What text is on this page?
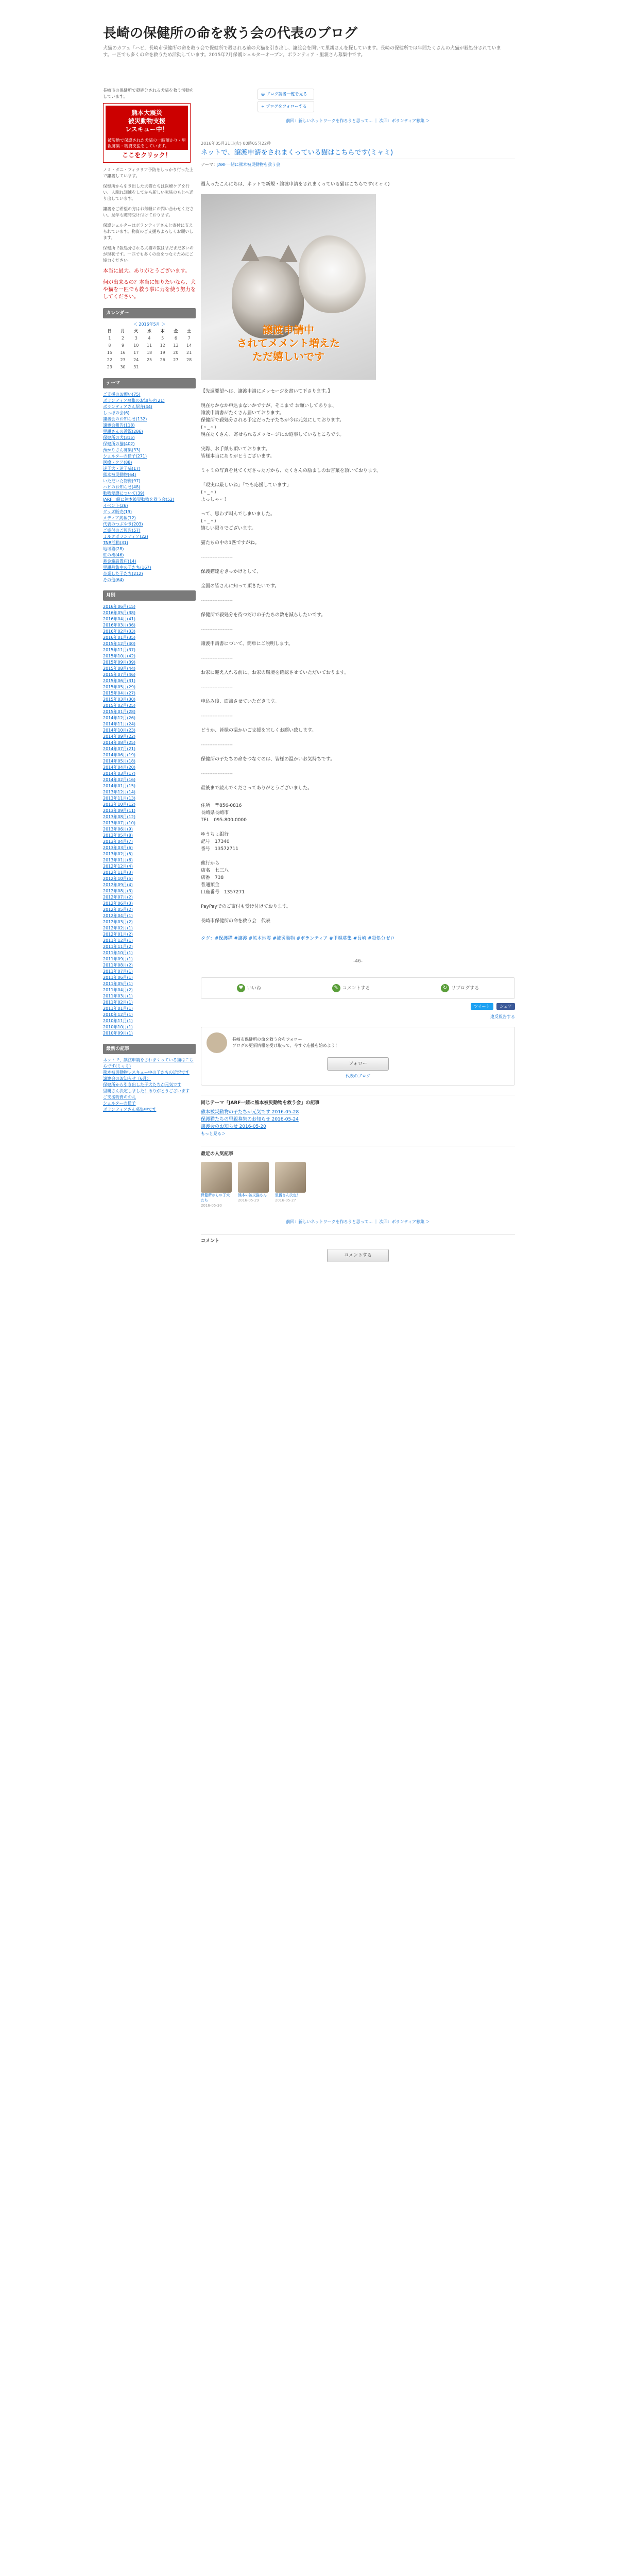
長崎の保健所の命を救う会の代表のブログ
犬猫のカフェ「ハピ」長崎市保健所の命を救う会で保健所で殺される前の犬猫を引き出し、譲渡会を開いて里親さんを探しています。長崎の保健所では年間たくさんの犬猫が殺処分されています。一匹でも多くの命を救うため活動しています。2015年7月保護シェルターオープン。ボランティア・里親さん募集中です。
長崎市の保健所で殺処分される犬猫を救う活動をしています。
熊本大震災
被災動物支援
レスキュー中！
被災地で保護された犬猫の一時預かり・里親募集・物資支援をしています。
ここをクリック！

ノミ・ダニ・フィラリア予防をしっかり行った上で譲渡しています。

保健所から引き出した犬猫たちは医療ケアを行い、人馴れ訓練をしてから新しい家族のもとへ送り出しています。

譲渡をご希望の方はお気軽にお問い合わせください。見学も随時受け付けております。

保護シェルターはボランティアさんと寄付に支えられています。物資のご支援もよろしくお願いします。

保健所で殺処分される犬猫の数はまだまだ多いのが現状です。一匹でも多くの命をつなぐためにご協力ください。

本当に最大、ありがとうございます。

何が出来るの？本当に知りたいなら、犬や猫を一匹でも救う事に力を使う努力をしてください。

カレンダー
＜ 2016年5月 ＞
日	月	火	水	木	金	土
1	2	3	4	5	6	7
8	9	10	11	12	13	14
15	16	17	18	19	20	21
22	23	24	25	26	27	28
29	30	31				
テーマ
ご支援のお願い(75)
ボランティア募集のお知らせ(21)
ボランティアさん紹介(44)
しっぽの会(6)
譲渡会のお知らせ(132)
譲渡会報告(118)
里親さんの近況(286)
保健所の犬(315)
保健所の猫(402)
預かりさん募集(33)
シェルターの様子(271)
医療・ケア(88)
迷子犬・迷子猫(17)
熊本被災動物(64)
いただいた物資(97)
ハピのお知らせ(48)
動物愛護について(39)
JARF一緒に熊本被災動物を救う会(52)
イベント(26)
グッズ販売(19)
メディア掲載(12)
代表のつぶやき(203)
ご寄付のご報告(57)
ミルクボランティア(22)
TNR活動(31)
地域猫(28)
虹の橋(46)
募金箱設置店(14)
里親募集中の子たち(167)
卒業した子たち(212)
その他(64)
月別
2016年06月(15)
2016年05月(38)
2016年04月(41)
2016年03月(36)
2016年02月(33)
2016年01月(35)
2015年12月(40)
2015年11月(37)
2015年10月(42)
2015年09月(39)
2015年08月(44)
2015年07月(46)
2015年06月(31)
2015年05月(29)
2015年04月(27)
2015年03月(30)
2015年02月(25)
2015年01月(28)
2014年12月(26)
2014年11月(24)
2014年10月(23)
2014年09月(22)
2014年08月(25)
2014年07月(21)
2014年06月(19)
2014年05月(18)
2014年04月(20)
2014年03月(17)
2014年02月(16)
2014年01月(15)
2013年12月(14)
2013年11月(13)
2013年10月(12)
2013年09月(11)
2013年08月(12)
2013年07月(10)
2013年06月(9)
2013年05月(8)
2013年04月(7)
2013年03月(6)
2013年02月(5)
2013年01月(6)
2012年12月(4)
2012年11月(3)
2012年10月(5)
2012年09月(4)
2012年08月(3)
2012年07月(2)
2012年06月(3)
2012年05月(2)
2012年04月(1)
2012年03月(2)
2012年02月(1)
2012年01月(2)
2011年12月(1)
2011年11月(2)
2011年10月(1)
2011年09月(1)
2011年08月(2)
2011年07月(1)
2011年06月(1)
2011年05月(1)
2011年04月(2)
2011年03月(1)
2011年02月(1)
2011年01月(1)
2010年12月(1)
2010年11月(1)
2010年10月(1)
2010年09月(1)
最新の記事
ネットで、譲渡申請をされまくっている猫はこちらです(ミャミ)
熊本被災動物レスキュー中の子たちの近況です
譲渡会のお知らせ（6月）
保健所から引き出した子犬たちが元気です
里親さん決定しました！ありがとうございます
ご支援物資のお礼
シェルターの様子
ボランティアさん募集中です
◎ ブログ読者一覧を見る
+ ブログをフォローする
前回：新しいネットワークを作ろうと思って… ｜ 次回：ボランティア募集 ＞
2016年05月31日(火) 00時05分22秒
ネットで、譲渡申請をされまくっている猫はこちらです(ミャミ)
テーマ：JARF一緒に熊本被災動物を救う会

週入ったこんにちは、ネットで新規・譲渡申請をされまくっている猫はこちらです(ミャミ)

譲渡申請中
されてメメント増えた
ただ嬉しいです

【先週要望へは、譲渡申請にメッセージを書いて下さります。】

現在なかなか申込まないかですが、そこまで お願いしてありま、

譲渡申請書がたくさん届いております。

保健所で殺処分される予定だった子たちが今は元気にしております。

(＾_＾)

現在たくさん、寄せられるメッセージにお返事しているところです。

実際、お手紙も頂いております。

皆様本当にありがとうございます。

ミャミの写真を見てくださった方から、たくさんの励ましのお言葉を頂いております。

「現実は厳しいね」「でも応援しています」

(＾_＾)

よっしゃー！

って、思わず叫んでしまいました。

(＾_＾)

嬉しい限りでございます。

猫たちの中の1匹ですがね。

-------------------

保護猫達をきっかけとして、

全国の皆さんに知って頂きたいです。

-------------------

保健所で殺処分を待つだけの子たちの数を減らしたいです。

-------------------

譲渡申請書について、簡単にご説明します。

-------------------

お家に迎え入れる前に、お家の環境を確認させていただいております。

-------------------

申込み後、面談させていただきます。

-------------------

どうか、皆様の温かいご支援を宜しくお願い致します。

-------------------

保健所の子たちの命をつなぐのは、皆様の温かいお気持ちです。

-------------------

最後まで読んでくださってありがとうございました。

住所　〒856-0816

長崎県長崎市

TEL　095-800-0000

ゆうちょ銀行

記号　17340

番号　13572711

他行から

店名　七三八

店番　738

普通預金

口座番号　1357271

PayPayでのご寄付も受け付けております。

長崎市保健所の命を救う会　代表

タグ：#保護猫 #譲渡 #熊本地震 #被災動物 #ボランティア #里親募集 #長崎 #殺処分ゼロ

-46-

♥ いいね	✎ コメントする	↻ リブログする
ツイート シェア
違反報告する
長崎市保健所の命を救う会をフォロー
ブログの更新情報を受け取って、今すぐ応援を始めよう！
フォロー
代表のブログ
同じテーマ「JARF一緒に熊本被災動物を救う会」の記事
熊本被災動物の子たちが元気です 2016-05-28
保護猫たちの里親募集のお知らせ 2016-05-24
譲渡会のお知らせ 2016-05-20
もっと見る＞
最近の人気記事
保健所からの子犬たち
2016-05-30
熊本の被災猫さん
2016-05-29
里親さん決定！
2016-05-27
前回：新しいネットワークを作ろうと思って… ｜ 次回：ボランティア募集 ＞
コメント
コメントする
